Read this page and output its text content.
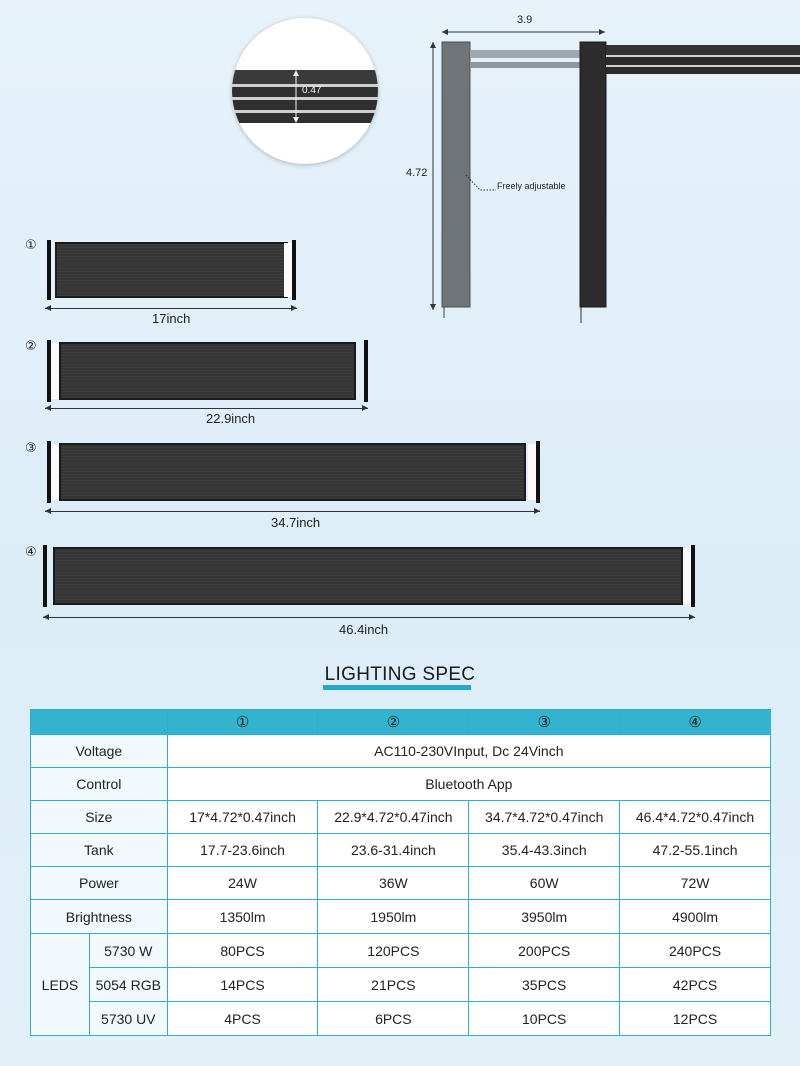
0.47
3.9
4.72
Freely adjustable
①
17inch
②
22.9inch
③
34.7inch
④
46.4inch
LIGHTING SPEC
		①	②	③	④
Voltage		AC110-230VInput, Dc 24Vinch			
Control		Bluetooth App			
Size		17*4.72*0.47inch	22.9*4.72*0.47inch	34.7*4.72*0.47inch	46.4*4.72*0.47inch
Tank		17.7-23.6inch	23.6-31.4inch	35.4-43.3inch	47.2-55.1inch
Power		24W	36W	60W	72W
Brightness		1350lm	1950lm	3950lm	4900lm
LEDS	5730 W	80PCS	120PCS	200PCS	240PCS
	5054 RGB	14PCS	21PCS	35PCS	42PCS
	5730 UV	4PCS	6PCS	10PCS	12PCS
